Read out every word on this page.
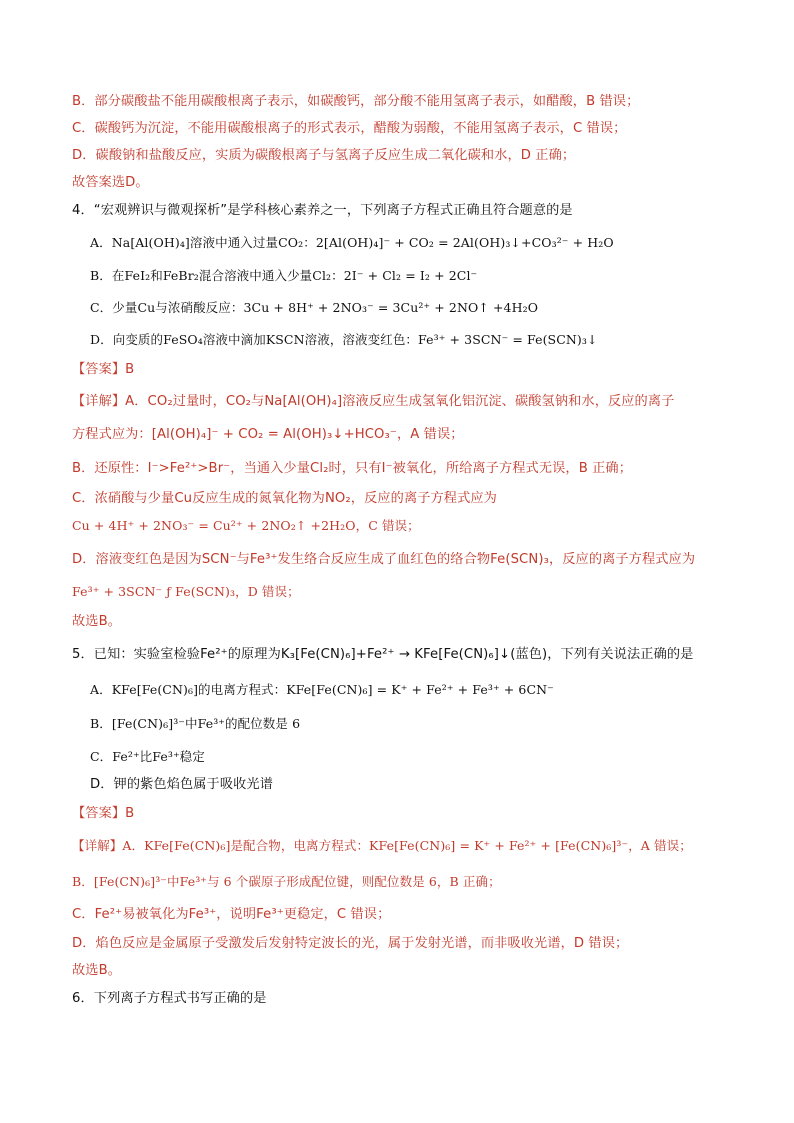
B．部分碳酸盐不能用碳酸根离子表示，如碳酸钙，部分酸不能用氢离子表示，如醋酸，B 错误；
C．碳酸钙为沉淀，不能用碳酸根离子的形式表示，醋酸为弱酸，不能用氢离子表示，C 错误；
D．碳酸钠和盐酸反应，实质为碳酸根离子与氢离子反应生成二氧化碳和水，D 正确；
故答案选D。
4．“宏观辨识与微观探析”是学科核心素养之一，下列离子方程式正确且符合题意的是
A．Na[Al(OH)₄]溶液中通入过量CO₂：2[Al(OH)₄]⁻ + CO₂ = 2Al(OH)₃↓+CO₃²⁻ + H₂O
B．在FeI₂和FeBr₂混合溶液中通入少量Cl₂：2I⁻ + Cl₂ = I₂ + 2Cl⁻
C．少量Cu与浓硝酸反应：3Cu + 8H⁺ + 2NO₃⁻ = 3Cu²⁺ + 2NO↑ +4H₂O
D．向变质的FeSO₄溶液中滴加KSCN溶液，溶液变红色：Fe³⁺ + 3SCN⁻ = Fe(SCN)₃↓
【答案】B
【详解】A．CO₂过量时，CO₂与Na[Al(OH)₄]溶液反应生成氢氧化铝沉淀、碳酸氢钠和水，反应的离子
方程式应为：[Al(OH)₄]⁻ + CO₂ = Al(OH)₃↓+HCO₃⁻，A 错误；
B．还原性：I⁻>Fe²⁺>Br⁻，当通入少量Cl₂时，只有I⁻被氧化，所给离子方程式无误，B 正确；
C．浓硝酸与少量Cu反应生成的氮氧化物为NO₂，反应的离子方程式应为
Cu + 4H⁺ + 2NO₃⁻ = Cu²⁺ + 2NO₂↑ +2H₂O，C 错误；
D．溶液变红色是因为SCN⁻与Fe³⁺发生络合反应生成了血红色的络合物Fe(SCN)₃，反应的离子方程式应为
Fe³⁺ + 3SCN⁻ ƒ Fe(SCN)₃，D 错误；
故选B。
5．已知：实验室检验Fe²⁺的原理为K₃[Fe(CN)₆]+Fe²⁺ → KFe[Fe(CN)₆]↓(蓝色)，下列有关说法正确的是
A．KFe[Fe(CN)₆]的电离方程式：KFe[Fe(CN)₆] = K⁺ + Fe²⁺ + Fe³⁺ + 6CN⁻
B．[Fe(CN)₆]³⁻中Fe³⁺的配位数是 6
C．Fe²⁺比Fe³⁺稳定
D．钾的紫色焰色属于吸收光谱
【答案】B
【详解】A．KFe[Fe(CN)₆]是配合物，电离方程式：KFe[Fe(CN)₆] = K⁺ + Fe²⁺ + [Fe(CN)₆]³⁻，A 错误；
B．[Fe(CN)₆]³⁻中Fe³⁺与 6 个碳原子形成配位键，则配位数是 6，B 正确；
C．Fe²⁺易被氧化为Fe³⁺，说明Fe³⁺更稳定，C 错误；
D．焰色反应是金属原子受激发后发射特定波长的光，属于发射光谱，而非吸收光谱，D 错误；
故选B。
6．下列离子方程式书写正确的是
